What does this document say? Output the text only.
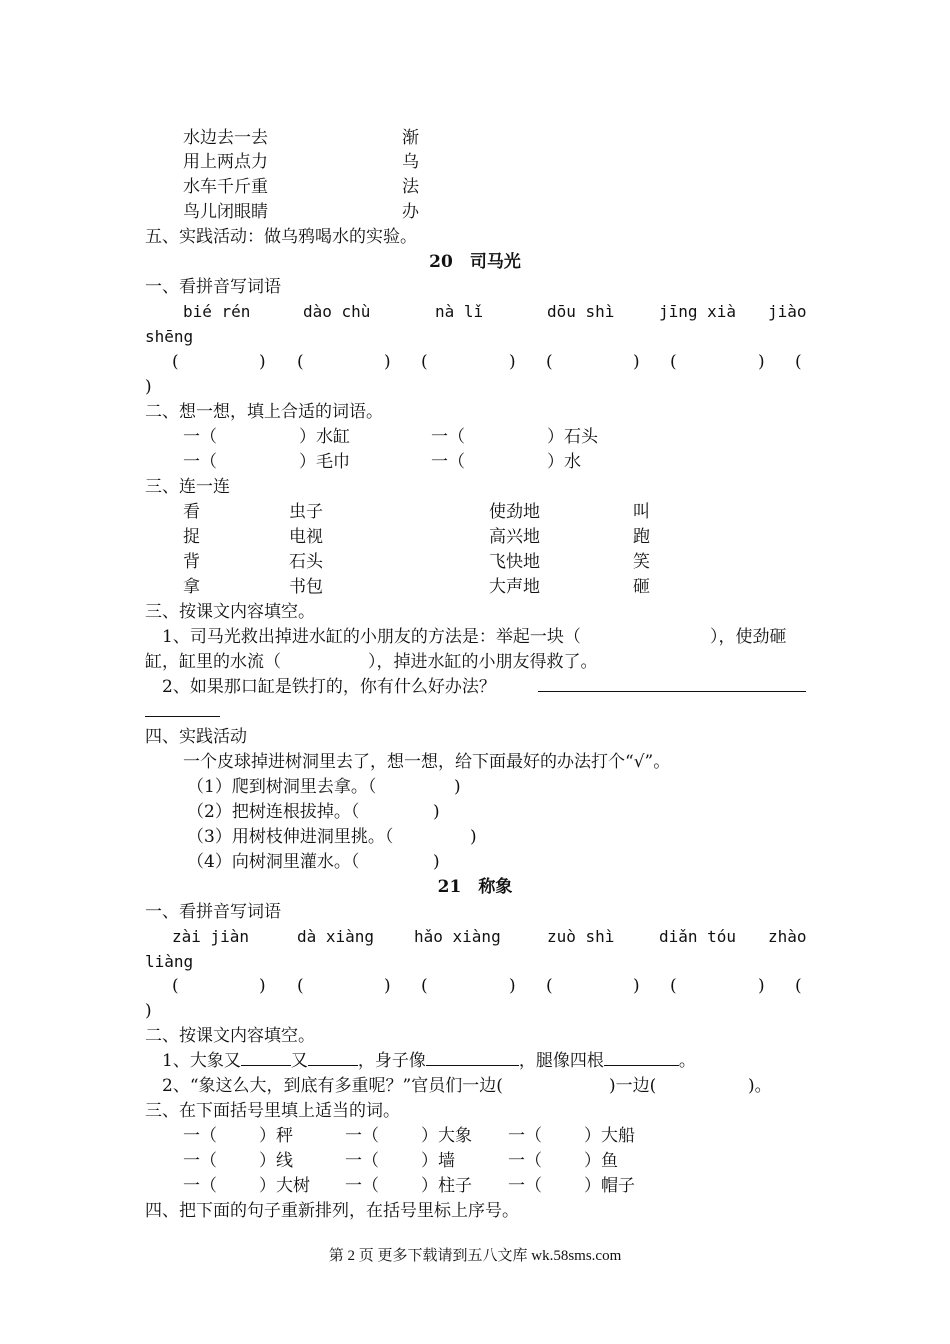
水边去一去	渐
用上两点力	乌
水车千斤重	法
鸟儿闭眼睛	办
五、实践活动：做乌鸦喝水的实验。
20　司马光
一、看拼音写词语
bié rén	dào chù	nà lǐ	dōu shì	jīng xià jiào
shēng
(	) (	) (	) (	) (	) (
)
二、想一想，填上合适的词语。
一（	）水缸	一（	）石头
一（	）毛巾	一（	）水
三、连一连
看	虫子	使劲地	叫
捉	电视	高兴地	跑
背	石头	飞快地	笑
拿	书包	大声地	砸
三、按课文内容填空。
1、司马光救出掉进水缸的小朋友的方法是：举起一块（	），使劲砸
缸，缸里的水流（	），掉进水缸的小朋友得救了。
2、如果那口缸是铁打的，你有什么好办法？
四、实践活动
一个皮球掉进树洞里去了，想一想，给下面最好的办法打个“√”。
（1）爬到树洞里去拿。（	)
（2）把树连根拔掉。（	)
（3）用树枝伸进洞里挑。（	)
（4）向树洞里灌水。（	)
21　称象
一、看拼音写词语
zài jiàn	dà xiàng hǎo xiàng	zuò shì	diǎn tóu zhào
liàng
(	) (	) (	) (	) (	) (
)
二、按课文内容填空。
1、大象又	又	，身子像	，腿像四根	。
2、“象这么大，到底有多重呢？”官员们一边(	)一边(	)。
三、在下面括号里填上适当的词。
一（ ）秤	一（ ）大象 一（ ）大船
一（ ）线	一（ ）墙	一（ ）鱼
一（ ）大树 一（ ）柱子 一（ ）帽子
四、把下面的句子重新排列，在括号里标上序号。
第 2 页 更多下载请到五八文库 wk.58sms.com
